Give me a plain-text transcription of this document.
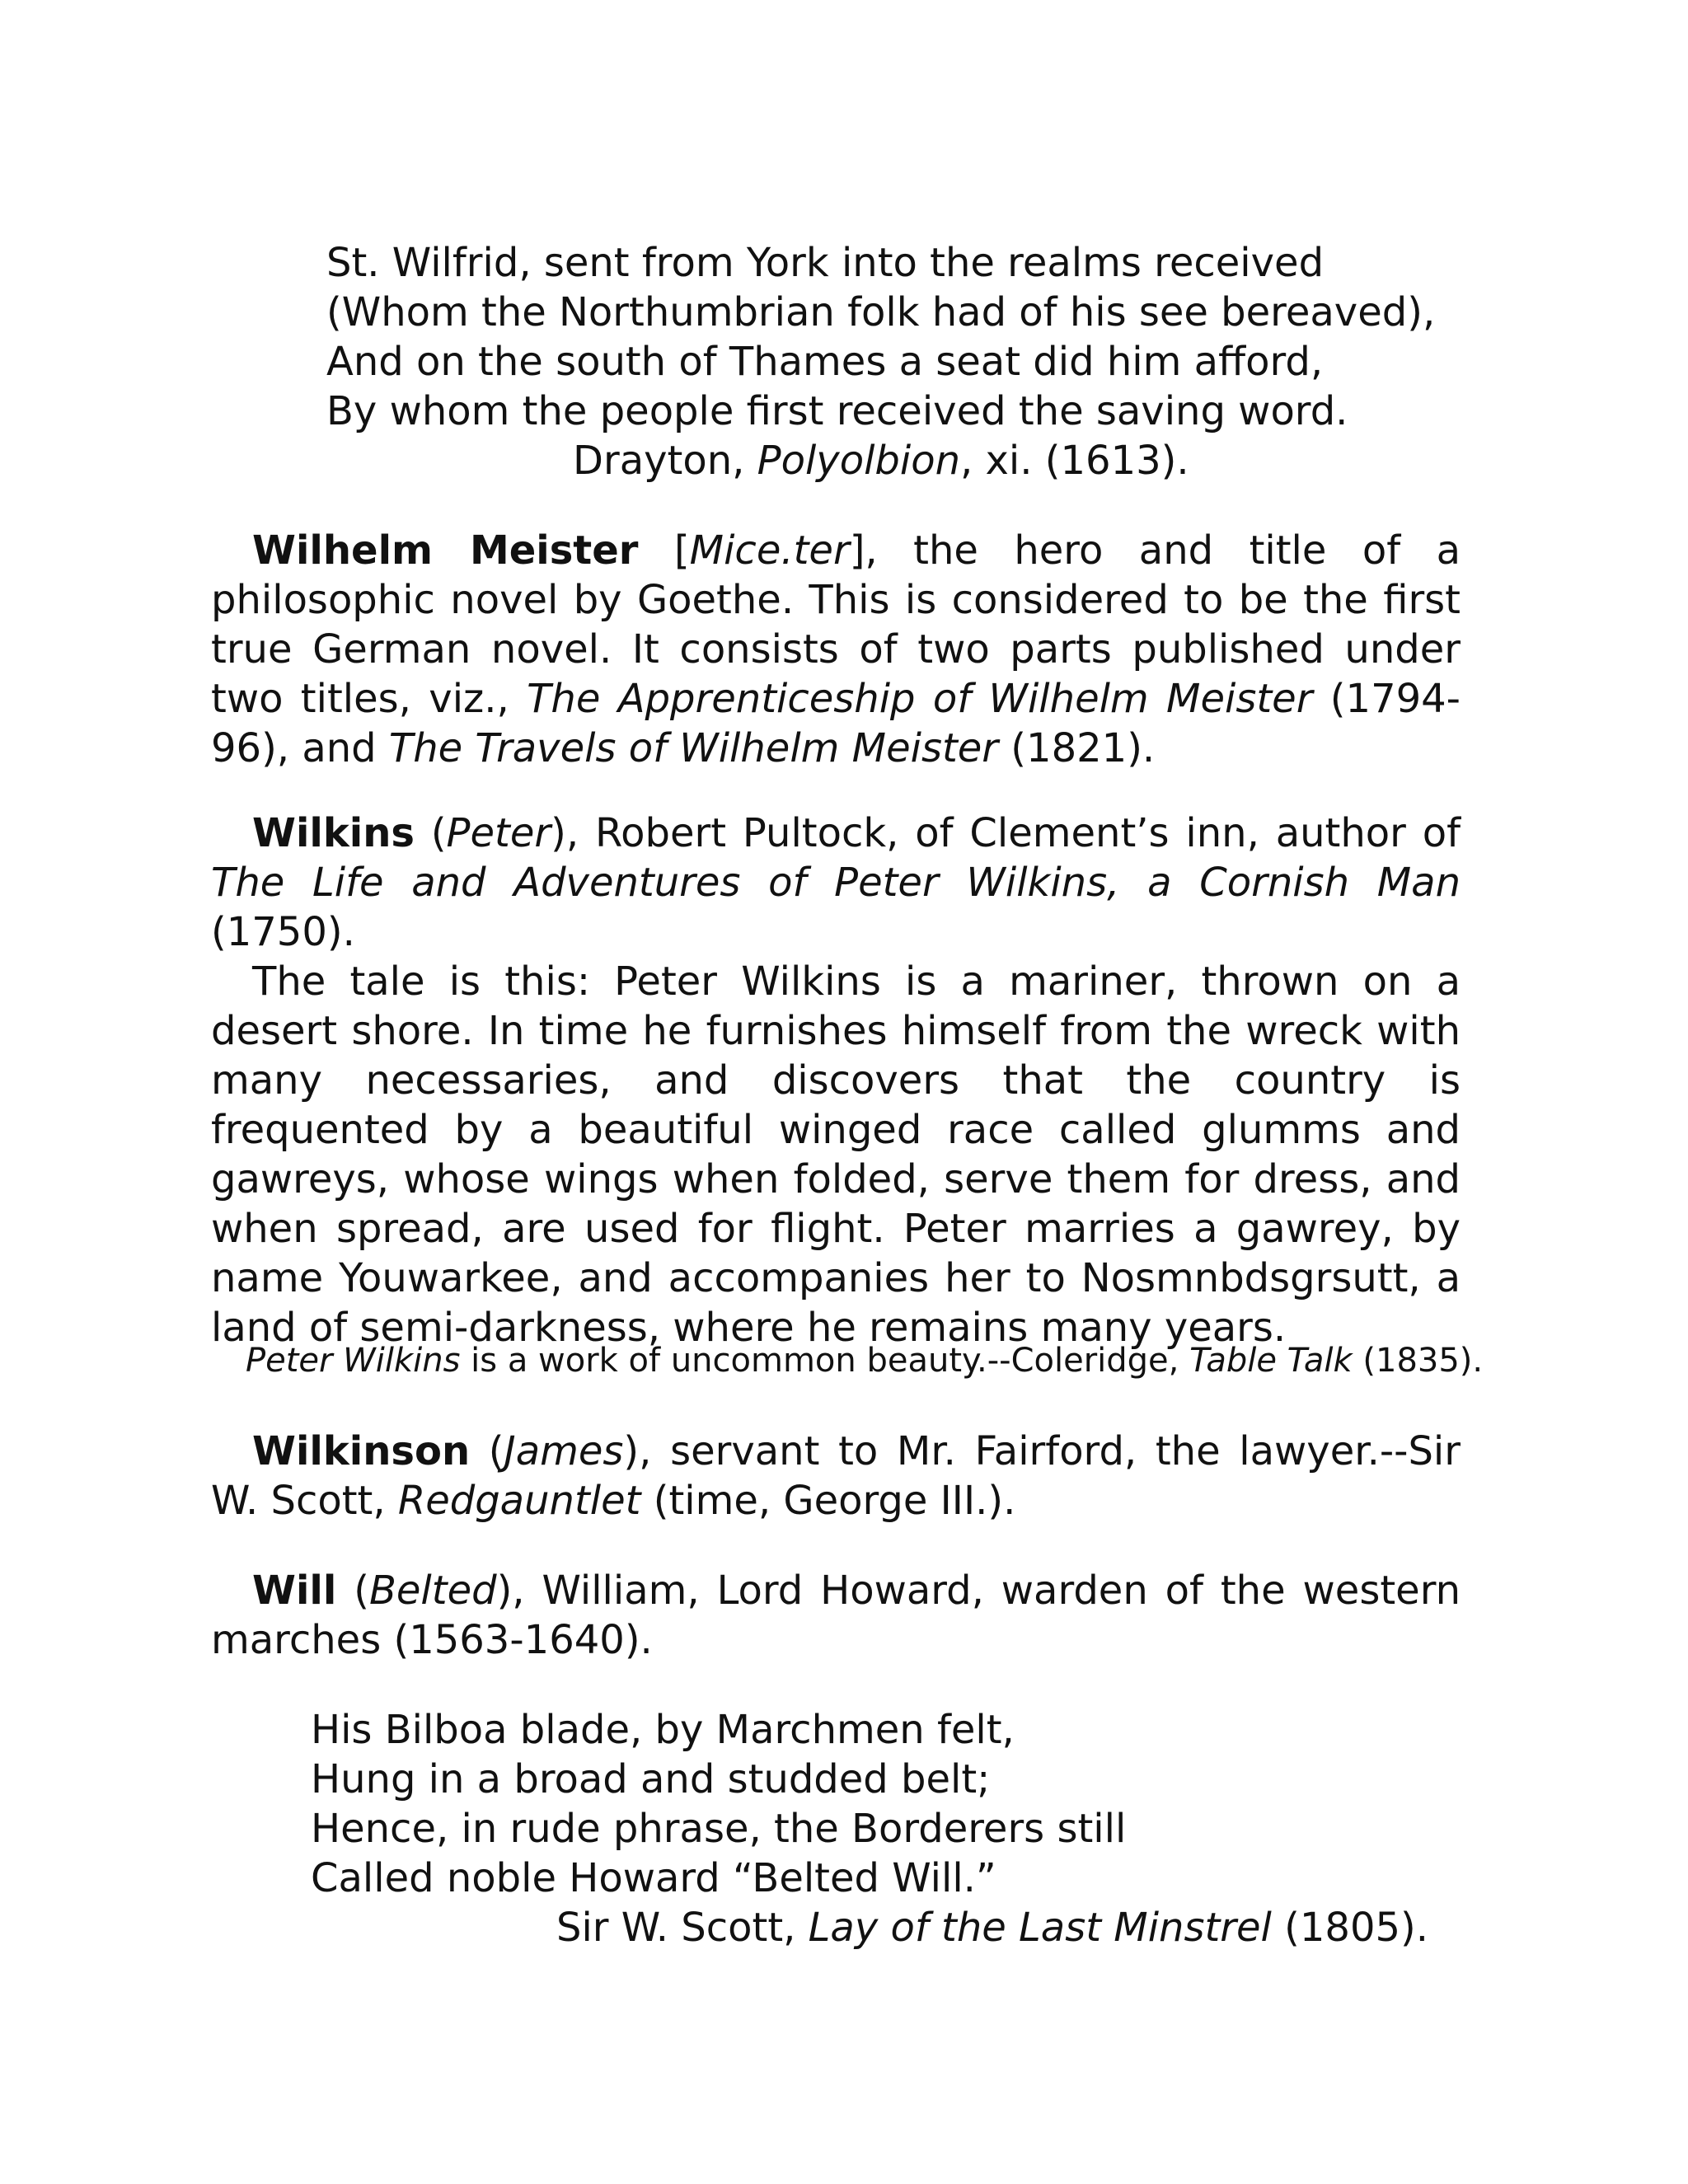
St. Wilfrid, sent from York into the realms received
(Whom the Northumbrian folk had of his see bereaved),
And on the south of Thames a seat did him afford,
By whom the people first received the saving word.
Drayton, Polyolbion, xi. (1613).

Wilhelm Meister [Mice.ter], the hero and title of a philosophic novel by Goethe. This is considered to be the first true German novel. It consists of two parts published under two titles, viz., The Apprenticeship of Wilhelm Meister (1794-96), and The Travels of Wilhelm Meister (1821).

Wilkins (Peter), Robert Pultock, of Clement’s inn, author of The Life and Adventures of Peter Wilkins, a Cornish Man (1750).

The tale is this: Peter Wilkins is a mariner, thrown on a desert shore. In time he furnishes himself from the wreck with many necessaries, and discovers that the country is frequented by a beautiful winged race called glumms and gawreys, whose wings when folded, serve them for dress, and when spread, are used for flight. Peter marries a gawrey, by name Youwarkee, and accompanies her to Nosmnbdsgrsutt, a land of semi-darkness, where he remains many years.

Peter Wilkins is a work of uncommon beauty.--Coleridge, Table Talk (1835).

Wilkinson (James), servant to Mr. Fairford, the lawyer.--Sir W. Scott, Redgauntlet (time, George III.).

Will (Belted), William, Lord Howard, warden of the western marches (1563-1640).

His Bilboa blade, by Marchmen felt,
Hung in a broad and studded belt;
Hence, in rude phrase, the Borderers still
Called noble Howard “Belted Will.”
Sir W. Scott, Lay of the Last Minstrel (1805).
